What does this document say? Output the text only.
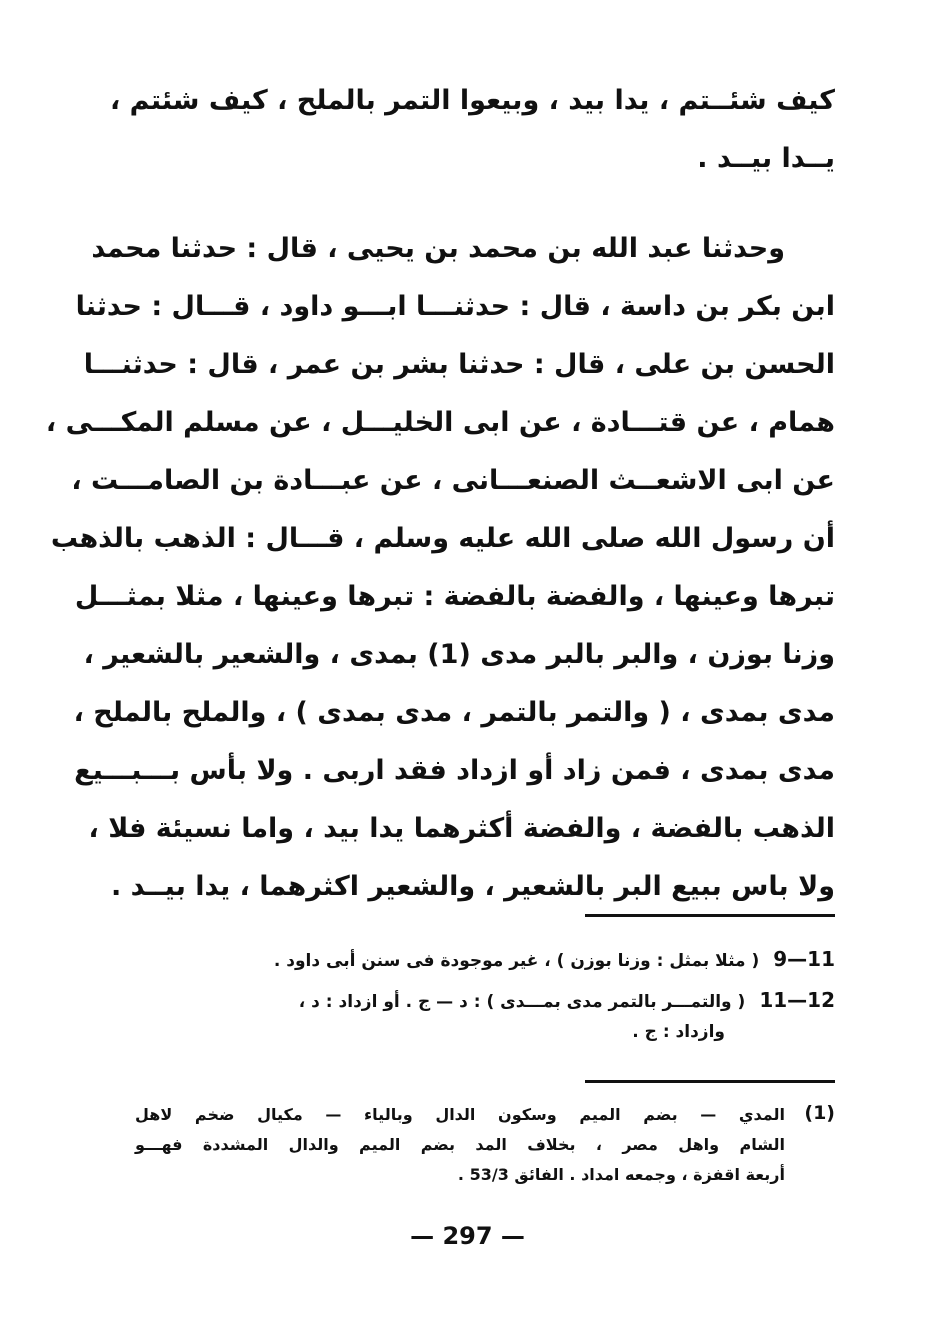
كيف شئــتم ، يدا بيد ، وبيعوا التمر بالملح ، كيف شئتم ،
يــدا بيــد .
وحدثنا عبد الله بن محمد بن يحيى ، قال : حدثنا محمد
ابن بكر بن داسة ، قال : حدثنـــا ابـــو داود ، قـــال : حدثنا
الحسن بن على ، قال : حدثنا بشر بن عمر ، قال : حدثنـــا
همام ، عن قتـــادة ، عن ابى الخليـــل ، عن مسلم المكـــى ،
عن ابى الاشعــث الصنعـــانى ، عن عبـــادة بن الصامـــت ،
أن رسول الله صلى الله عليه وسلم ، قـــال : الذهب بالذهب
تبرها وعينها ، والفضة بالفضة : تبرها وعينها ، مثلا بمثـــل
وزنا بوزن ، والبر بالبر مدى (1) بمدى ، والشعير بالشعير ،
مدى بمدى ، ( والتمر بالتمر ، مدى بمدى ) ، والملح بالملح ،
مدى بمدى ، فمن زاد أو ازداد فقد اربى . ولا بأس بـــبـــيع
الذهب بالفضة ، والفضة أكثرهما يدا بيد ، واما نسيئة فلا ،
ولا باس ببيع البر بالشعير ، والشعير اكثرهما ، يدا بيــد .
9—11( مثلا بمثل : وزنا بوزن ) ، غير موجودة فى سنن أبى داود .
11—12( والتمـــر بالتمر مدى بمـــدى ) : د — ج . أو ازداد : د ،
وازداد : ج .
(1)
المدي — بضم الميم وسكون الدال وبالياء — مكيال ضخم لاهل
الشام واهل مصر ، بخلاف المد بضم الميم والدال المشددة فهـــو
أربعة اقفزة ، وجمعه امداد . الفائق 53/3 .
— 297 —
